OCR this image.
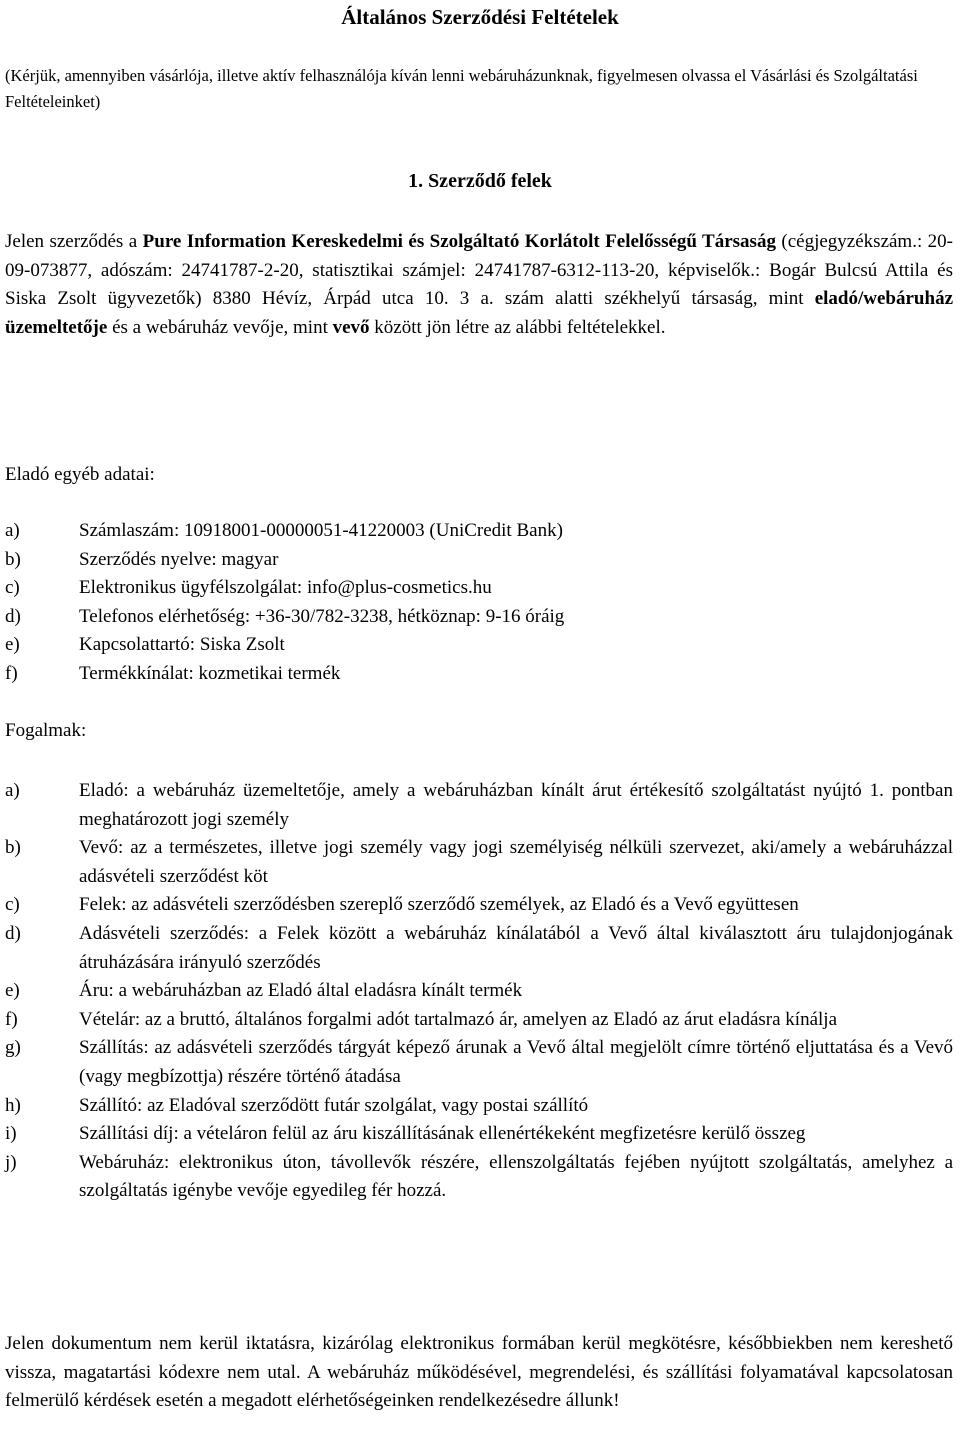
Általános Szerződési Feltételek
(Kérjük, amennyiben vásárlója, illetve aktív felhasználója kíván lenni webáruházunknak, figyelmesen olvassa el Vásárlási és Szolgáltatási Feltételeinket)
1. Szerződő felek
Jelen szerződés a Pure Information Kereskedelmi és Szolgáltató Korlátolt Felelősségű Társaság (cégjegyzékszám.: 20-09-073877, adószám: 24741787-2-20, statisztikai számjel: 24741787-6312-113-20, képviselők.: Bogár Bulcsú Attila és Siska Zsolt ügyvezetők) 8380 Hévíz, Árpád utca 10. 3 a. szám alatti székhelyű társaság, mint eladó/webáruház üzemeltetője és a webáruház vevője, mint vevő között jön létre az alábbi feltételekkel.
Eladó egyéb adatai:
a)	Számlaszám: 10918001-00000051-41220003 (UniCredit Bank)
b)	Szerződés nyelve: magyar
c)	Elektronikus ügyfélszolgálat: info@plus-cosmetics.hu
d)	Telefonos elérhetőség: +36-30/782-3238, hétköznap: 9-16 óráig
e)	Kapcsolattartó: Siska Zsolt
f)	Termékkínálat: kozmetikai termék
Fogalmak:
a)	Eladó: a webáruház üzemeltetője, amely a webáruházban kínált árut értékesítő szolgáltatást nyújtó 1. pontban meghatározott jogi személy
b)	Vevő: az a természetes, illetve jogi személy vagy jogi személyiség nélküli szervezet, aki/amely a webáruházzal adásvételi szerződést köt
c)	Felek: az adásvételi szerződésben szereplő szerződő személyek, az Eladó és a Vevő együttesen
d)	Adásvételi szerződés: a Felek között a webáruház kínálatából a Vevő által kiválasztott áru tulajdonjogának átruházására irányuló szerződés
e)	Áru: a webáruházban az Eladó által eladásra kínált termék
f)	Vételár: az a bruttó, általános forgalmi adót tartalmazó ár, amelyen az Eladó az árut eladásra kínálja
g)	Szállítás: az adásvételi szerződés tárgyát képező árunak a Vevő által megjelölt címre történő eljuttatása és a Vevő (vagy megbízottja) részére történő átadása
h)	Szállító: az Eladóval szerződött futár szolgálat, vagy postai szállító
i)	Szállítási díj: a vételáron felül az áru kiszállításának ellenértékeként megfizetésre kerülő összeg
j)	Webáruház: elektronikus úton, távollevők részére, ellenszolgáltatás fejében nyújtott szolgáltatás, amelyhez a szolgáltatás igénybe vevője egyedileg fér hozzá.
Jelen dokumentum nem kerül iktatásra, kizárólag elektronikus formában kerül megkötésre, későbbiekben nem kereshető vissza, magatartási kódexre nem utal. A webáruház működésével, megrendelési, és szállítási folyamatával kapcsolatosan felmerülő kérdések esetén a megadott elérhetőségeinken rendelkezésedre állunk!
